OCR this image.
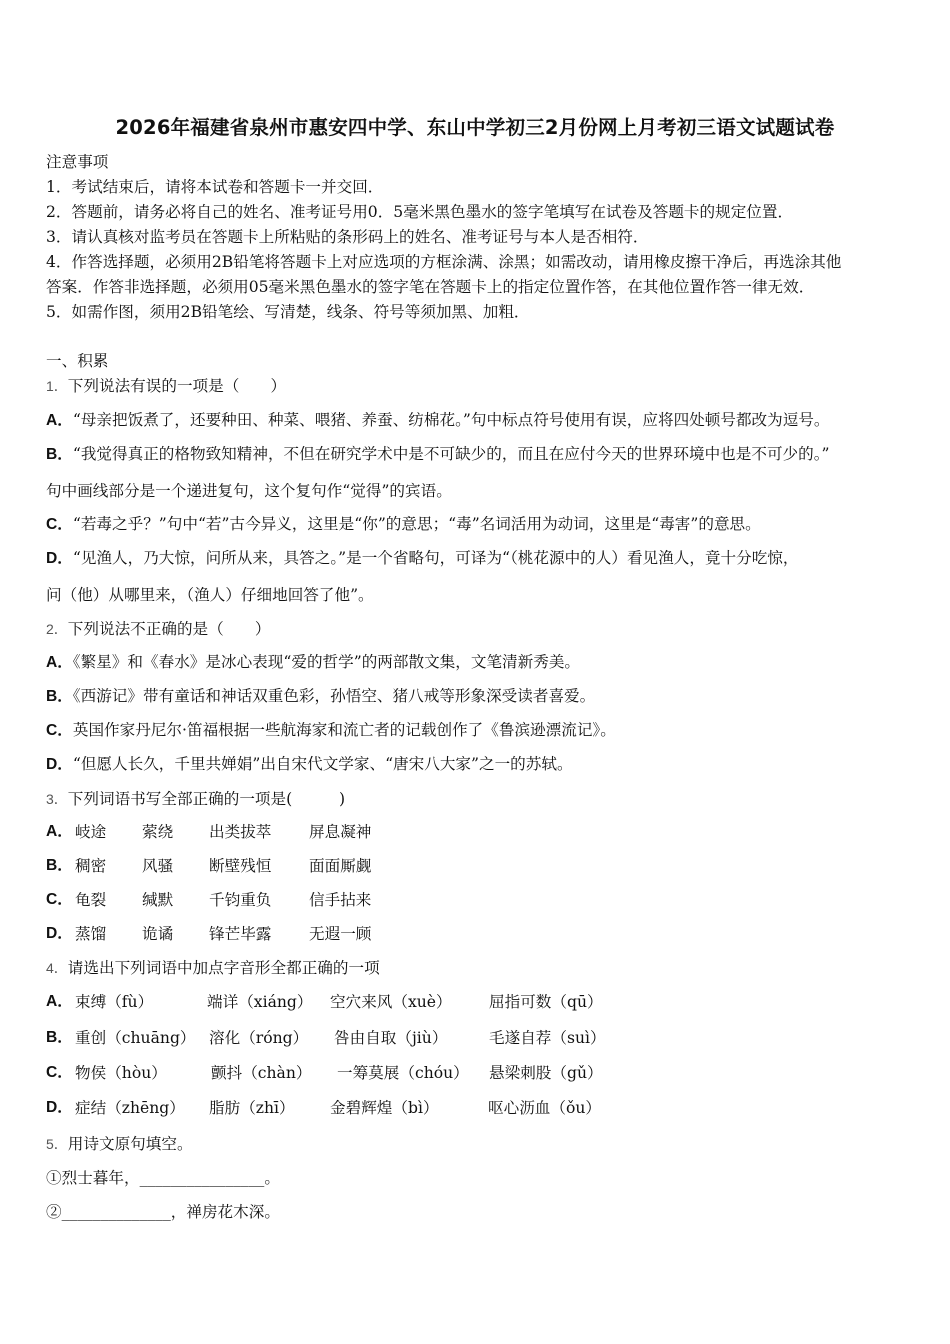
2026年福建省泉州市惠安四中学、东山中学初三2月份网上月考初三语文试题试卷
注意事项
1．考试结束后，请将本试卷和答题卡一并交回．
2．答题前，请务必将自己的姓名、准考证号用0．5毫米黑色墨水的签字笔填写在试卷及答题卡的规定位置．
3．请认真核对监考员在答题卡上所粘贴的条形码上的姓名、准考证号与本人是否相符．
4．作答选择题，必须用2B铅笔将答题卡上对应选项的方框涂满、涂黑；如需改动，请用橡皮擦干净后，再选涂其他
答案．作答非选择题，必须用05毫米黑色墨水的签字笔在答题卡上的指定位置作答，在其他位置作答一律无效．
5．如需作图，须用2B铅笔绘、写清楚，线条、符号等须加黑、加粗．
一、积累
1．下列说法有误的一项是（　　）
A．“母亲把饭煮了，还要种田、种菜、喂猪、养蚕、纺棉花。”句中标点符号使用有误，应将四处顿号都改为逗号。
B．“我觉得真正的格物致知精神，不但在研究学术中是不可缺少的，而且在应付今天的世界环境中也是不可少的。”
句中画线部分是一个递进复句，这个复句作“觉得”的宾语。
C．“若毒之乎？”句中“若”古今异义，这里是“你”的意思；“毒”名词活用为动词，这里是“毒害”的意思。
D．“见渔人，乃大惊，问所从来，具答之。”是一个省略句，可译为“（桃花源中的人）看见渔人，竟十分吃惊，
问（他）从哪里来，（渔人）仔细地回答了他”。
2．下列说法不正确的是（　　）
A．《繁星》和《春水》是冰心表现“爱的哲学”的两部散文集，文笔清新秀美。
B．《西游记》带有童话和神话双重色彩，孙悟空、猪八戒等形象深受读者喜爱。
C．英国作家丹尼尔·笛福根据一些航海家和流亡者的记载创作了《鲁滨逊漂流记》。
D．“但愿人长久，千里共婵娟”出自宋代文学家、“唐宋八大家”之一的苏轼。
3．下列词语书写全部正确的一项是(　　　)
A． 岐途 萦绕 出类拔萃 屏息凝神
B． 稠密 风骚 断壁残恒 面面厮觑
C． 龟裂 缄默 千钧重负 信手拈来
D． 蒸馏 诡谲 锋芒毕露 无遐一顾
4．请选出下列词语中加点字音形全都正确的一项
A． 束缚（fù）	端详（xiáng） 空穴来风（xuè） 屈指可数（qū）
B． 重创（chuāng） 溶化（róng） 咎由自取（jiù）	毛遂自荐（suì）
C． 物侯（hòu）	颤抖（chàn） 一筹莫展（chóu） 悬梁刺股（gǔ）
D． 症结（zhēng） 脂肪（zhī） 金碧辉煌（bì）	呕心沥血（ǒu）
5．用诗文原句填空。
①烈士暮年，________________。
②______________，禅房花木深。
